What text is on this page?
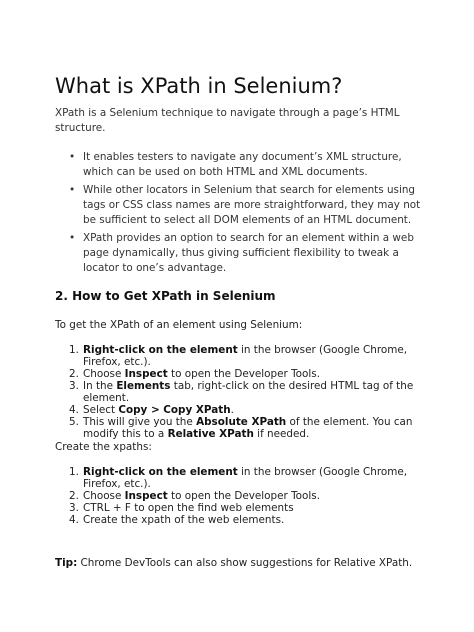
What is XPath in Selenium?

XPath is a Selenium technique to navigate through a page’s HTML structure.

• It enables testers to navigate any document’s XML structure, which can be used on both HTML and XML documents.
• While other locators in Selenium that search for elements using tags or CSS class names are more straightforward, they may not be sufficient to select all DOM elements of an HTML document.
• XPath provides an option to search for an element within a web page dynamically, thus giving sufficient flexibility to tweak a locator to one’s advantage.
2. How to Get XPath in Selenium

To get the XPath of an element using Selenium:

1. Right-click on the element in the browser (Google Chrome, Firefox, etc.).
2. Choose Inspect to open the Developer Tools.
3. In the Elements tab, right-click on the desired HTML tag of the element.
4. Select Copy > Copy XPath.
5. This will give you the Absolute XPath of the element. You can modify this to a Relative XPath if needed.

Create the xpaths:

1. Right-click on the element in the browser (Google Chrome, Firefox, etc.).
2. Choose Inspect to open the Developer Tools.
3. CTRL + F to open the find web elements
4. Create the xpath of the web elements.

Tip: Chrome DevTools can also show suggestions for Relative XPath.
